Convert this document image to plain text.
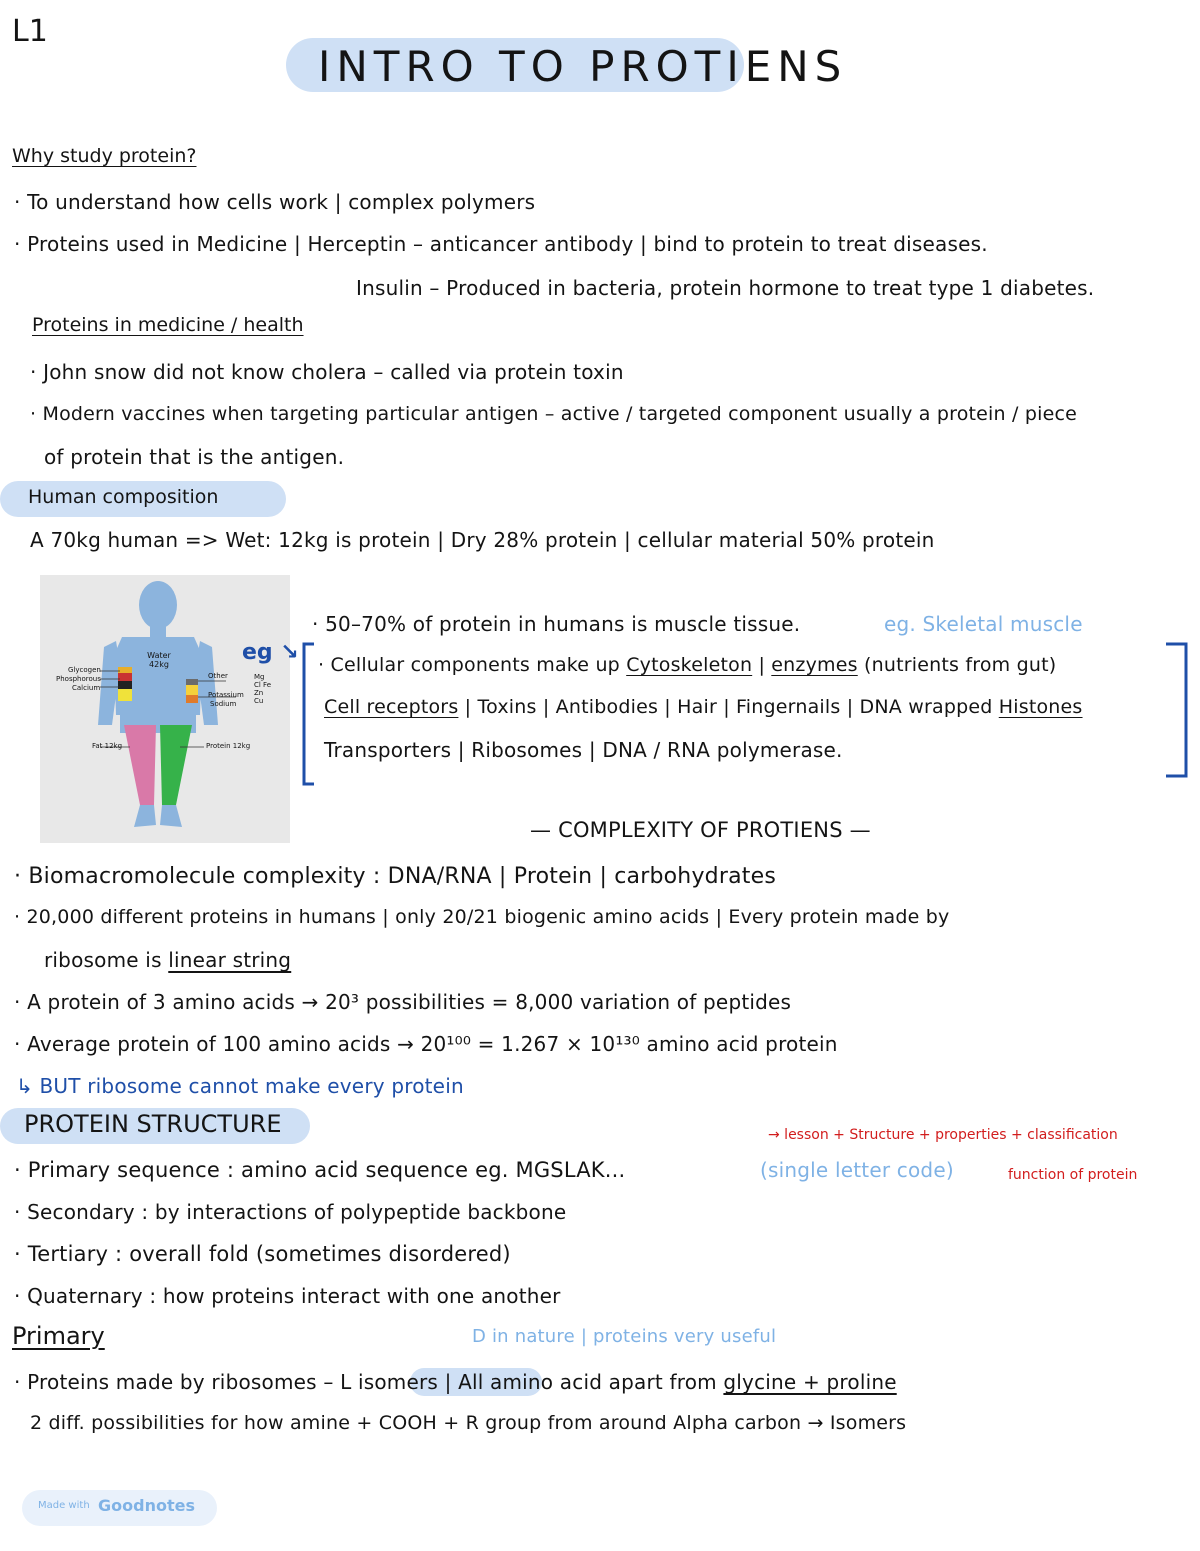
L1
INTRO TO PROTIENS
Why study protein?
· To understand how cells work | complex polymers
· Proteins used in Medicine | Herceptin – anticancer antibody | bind to protein to treat diseases.
Insulin – Produced in bacteria, protein hormone to treat type 1 diabetes.
Proteins in medicine / health
· John snow did not know cholera – called via protein toxin
· Modern vaccines when targeting particular antigen – active / targeted component usually a protein / piece
of protein that is the antigen.
Human composition
A 70kg human => Wet: 12kg is protein | Dry 28% protein | cellular material 50% protein
Water 42kg
Glycogen
Phosphorous
Calcium
Other	Mg Cl Fe Zn Cu
Potassium
Sodium
Fat 12kg	Protein 12kg
· 50–70% of protein in humans is muscle tissue.	eg. Skeletal muscle
eg ↘ · Cellular components make up Cytoskeleton | enzymes (nutrients from gut)
Cell receptors | Toxins | Antibodies | Hair | Fingernails | DNA wrapped Histones
Transporters | Ribosomes | DNA / RNA polymerase.
— COMPLEXITY OF PROTIENS —
· Biomacromolecule complexity : DNA/RNA | Protein | carbohydrates
· 20,000 different proteins in humans | only 20/21 biogenic amino acids | Every protein made by
ribosome is linear string
· A protein of 3 amino acids → 20³ possibilities = 8,000 variation of peptides
· Average protein of 100 amino acids → 20¹⁰⁰ = 1.267 × 10¹³⁰ amino acid protein
↳ BUT ribosome cannot make every protein
PROTEIN STRUCTURE	→ lesson + Structure + properties + classification
function of protein
· Primary sequence : amino acid sequence eg. MGSLAK...	(single letter code)
· Secondary : by interactions of polypeptide backbone
· Tertiary : overall fold (sometimes disordered)
· Quaternary : how proteins interact with one another
Primary	D in nature | proteins very useful
· Proteins made by ribosomes – L isomers | All amino acid apart from glycine + proline
2 diff. possibilities for how amine + COOH + R group from around Alpha carbon → Isomers
Made with Goodnotes
